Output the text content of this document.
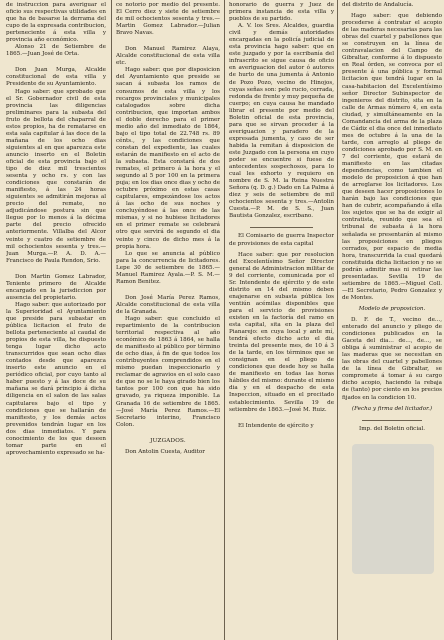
de instruccion para averiguar el oficio sus respectivas utilidades en que ha de basarse la derrama del cupo de la expresada contribucion, perteneciente á esta villa y provincia año económico.

Alonso 21 de Setiembre de 1865.—Juan José de Orta.

Don Juan Murga, Alcalde constitucional de esta villa y Presidente de su Ayuntamiento.

Hago saber: que sprobado que el Sr. Gobernador civil de esta provincia las diligencias preliminares para la subasta del fruto de bellota del chaparral de estos propios, ha de rematarse en esta sala capitular á las doce de la mañana de los ocho dias siguientes al en que aparezca este anuncio inserto en el Boletin oficial de esta provincia bajo el tipo de diez mil trescientos sesenta y ocho rs. y con las condiciones que constarán de manifiesto, á las 24 horas siguientes se admitirán mejoras al precio del remate, no adjudicándose postura sin que llegue por lo menos á la décima parte del precio ofrecido anteriormente. Villalba del Alcor veinte y cuatro de setiembre de mil ochocientos sesenta y tres.—Juan Murga.—P. A. D. A.—Francisco de Paula Rendon, Srio.

Don Martin Gomez Labrador, Teniente primero de Alcalde encargado en la jurisdiccion por ausencia del propietario.

Hago saber: que autorizado por la Superioridad el Ayuntamiento que preside para subastar en pública licitacion el fruto de bellota perteneciente al caudal de propios de esta villa, he dispuesto tenga lugar dicho acto transcurridos que sean ocho dias contados desde que aparezca inserto este anuncio en el periódico oficial, por cuyo tanto al haber puesto y á las doce de su mañana se dará principio á dicha diligencia en el salon de las salas capitulares bajo el tipo y condiciones que se hallarán de manifiesto, y los demás actos prevenidos tendrán lugar en los dos dias inmediatos. Y para conocimiento de los que deseen tomar parte en el aprovechamiento expresado se ha-

ce notorio por medio del presente. El Cerro diez y siete de setiembre de mil ochocientos sesenta y tres.—Martin Gomez Labrador.—Julian Bravo Navas.

Don Manuel Ramirez Alaya, Alcalde constitucional de esta villa etc.

Hago saber: que por disposicion del Ayuntamiento que preside se sacan á subasta los ramos de consumos de esta villa y los recargos provinciales y municipales catalogados sobre dicha contribucion, que importan ambos el doble derecho para el primer medio año del inmediato de 1864, bajo el tipo total de 22.748 rs. 89 cénts., y las condiciones que constan del expediente, las cuales estarán de manifiesto en el acto de la subasta. Esta constará de dos remates, el primero á la hora y el segundo al 5 por 100 en la primera puja; en los dias once dias y ocho de octubre próximo en estas casas capitulares, empezándose los actos á las ocho de sus noches y concluyéndose á las once de las mismas, y si no hubiese licitadores en el primer remate se celebrará otro que servirá de segundo el dia veinte y cinco de dicho mes á la propia hora.

Lo que se anuncia al público para la concurrencia de licitadores. Lepe 30 de setiembre de 1865.—Manuel Ramirez Ayala.—P. S. M.—Ramon Benitez.

Don José María Perez Ramos, Alcalde constitucional de esta villa de la Granada.

Hago saber: que concluido el repartimiento de la contribucion territorial respectiva al año económico de 1863 á 1864, se halla de manifiesto al público por término de ocho dias, á fin de que todos los contribuyentes comprendidos en el mismo puedan inspeccionarlo y reclamar de agravios en el solo caso de que no se le haya girado bien los tantos por 100 con que ha sido gravado, ya riqueza imponible. La Granada 16 de setiembre de 1865.—José María Perez Ramos.—El Secretario interino, Francisco Colon.

JUZGADOS.

Don Antolin Cuesta, Auditor

honorario de guerra y Juez de primera instancia de esta villa y pueblos de su partido.

A. V. los Sres. Alcaldes, guardia civil y demás autoridades encargadas en la policía judicial de esta provincia hago saber: que en este juzgado y por la escribanía del infrascrito se sigue causa de oficio en averiguacion del autor ó autores de hurto de una jumenta á Antonio de Pozo Pozo, vecino de Hinojos, cuyas señas son: pelo rucio, cerrada, redonda de frente y muy pequeña de cuerpo; en cuya causa he mandado librar el presente por medio del Boletin oficial de esta provincia, para que se sirvan proceder á la averiguacion y paradero de la expresada jumenta, y caso de ser habida la remitan á disposicion de este Juzgado con la persona en cuyo poder se encuentre si fuese de antecedentes sospechosos, para lo cual les exhorto y requiero en nombre de S. M. la Reina Nuestra Señora (q. D. g.) Dado en La Palma á diez y seis de setiembre de mil ochocientos sesenta y tres.—Antolin Cuesta.—P. M. de S. S., Juan Bautista Gonzalez, escribano.

El Comisario de guerra Inspector de provisiones de esta capital

Hace saber: que por resolucion del Excelentísimo Señor Director general de Administracion militar de 9 del corriente, comunicada por el Sr. Intendente de ejército y de este distrito en 14 del mismo deben enajenarse en subasta pública los ventiún acémilas disponibles que para el servicio de provisiones existen en la factoría del ramo en esta capital, sita en la plaza del Pianarejo: en cuya local y ante mí, tendrá efecto dicho acto el dia treinta del presente mes, de 10 á 3 de la tarde, en los términos que se consignan en el pliego de condiciones que desde hoy se halla de manifiesto en todas las horas hábiles del mismo: durante el mismo dia y en el despacho de esta Inspeccion, situado en el precitado establecimiento. Sevilla 19 de setiembre de 1863.—José M. Ruiz.

El Intendente de ejército y

del distrito de Andalucía.

Hago saber: que debiendo procederse á contratar el acopio de las maderas necesarias para las obras del cuartel y pabellones que se construyen en la línea de contravalacion del Campo de Gibraltar, conforme á lo dispuesto en Real órden, se convoca por el presente á una pública y formal licitacion que tendrá lugar en la casa-habitacion del Excelentísimo señor Director Subinspector de ingenieros del distrito, sita en la calle de Armas número 4, en esta ciudad, y simultáneamente en la Comandancia del arma de la plaza de Cádiz el dia once del inmediato mes de octubre á la una de la tarde, con arreglo al pliego de condiciones aprobado por S. M. en 7 del corriente, que estará de manifiesto en las citadas dependencias, como tambien el modelo de proposicion á que han de arreglarse los licitadores. Los que deseen hacer proposiciones lo harán bajo las condiciones que han de cubrir, acompañando á ella los sujetos que se ha de exigir al contratista, reunido que sea el tribunal de subasta á la hora señalada se presentarán al mismo las proposiciones en pliegos cerrados, por espacio de media hora, transcurrida la cual quedará constituida dicha licitacion y no se podrán admitir mas ni retirar las presentadas. Sevilla 19 de setiembre de 1865.—Miguel Coll.—El Secretario, Pedro Gonzalez y de Montes.

Modelo de proposicion.

D. F. de T., vecino de..., enterado del anuncio y pliego de condiciones publicados en la Gaceta del dia... de..., de..., se obliga á suministrar el acopio de las maderas que se necesitan en las obras del cuartel y pabellones de la línea de Gibraltar, se compromete á tomar á su cargo dicho acopio, haciendo la rebaja de (tanto) por ciento en los precios fijados en la condicion 10.

(Fecha y firma del licitador.)

Imp. del Boletin oficial.
